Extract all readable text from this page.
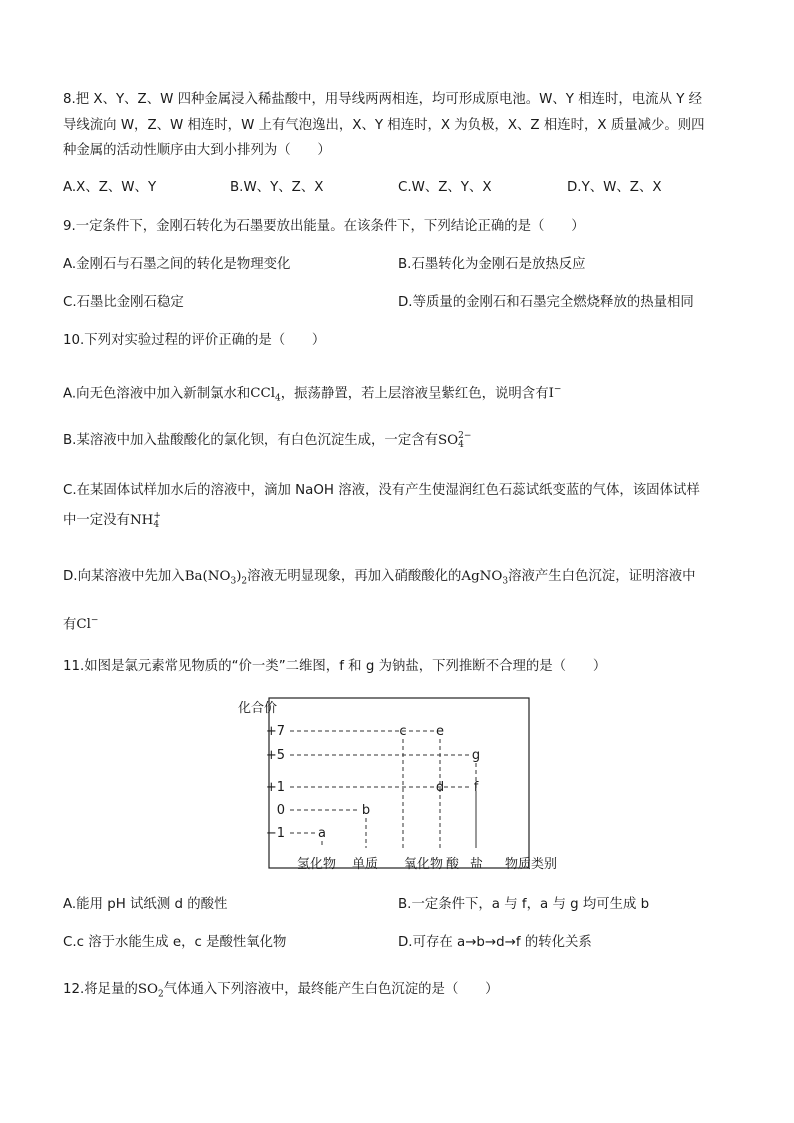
8.把 X、Y、Z、W 四种金属浸入稀盐酸中，用导线两两相连，均可形成原电池。W、Y 相连时，电流从 Y 经
导线流向 W，Z、W 相连时，W 上有气泡逸出，X、Y 相连时，X 为负极，X、Z 相连时，X 质量减少。则四
种金属的活动性顺序由大到小排列为（　　）
A.X、Z、W、Y	B.W、Y、Z、X	C.W、Z、Y、X	D.Y、W、Z、X
9.一定条件下，金刚石转化为石墨要放出能量。在该条件下，下列结论正确的是（　　）
A.金刚石与石墨之间的转化是物理变化	B.石墨转化为金刚石是放热反应
C.石墨比金刚石稳定	D.等质量的金刚石和石墨完全燃烧释放的热量相同
10.下列对实验过程的评价正确的是（　　）
A.向无色溶液中加入新制氯水和CCl$_4$，振荡静置，若上层溶液呈紫红色，说明含有I−
B.某溶液中加入盐酸酸化的氯化钡，有白色沉淀生成，一定含有SO 2−
4
C.在某固体试样加水后的溶液中，滴加 NaOH 溶液，没有产生使湿润红色石蕊试纸变蓝的气体，该固体试样
中一定没有NH +
4
D.向某溶液中先加入$Ba(NO_3)_2$溶液无明显现象，再加入硝酸酸化的AgNO$_3$溶液产生白色沉淀，证明溶液中
有Cl−
11.如图是氯元素常见物质的“价一类”二维图，f 和 g 为钠盐，下列推断不合理的是（　　）
化合价
+7
+5
+1
0
−1	a
b
c
d
e
f
g
氢化物 单质 氧化物 酸 盐 物质类别
A.能用 pH 试纸测 d 的酸性	B.一定条件下，a 与 f，a 与 g 均可生成 b
C.c 溶于水能生成 e，c 是酸性氧化物	D.可存在 a→b→d→f 的转化关系
12.将足量的$SO_2$气体通入下列溶液中，最终能产生白色沉淀的是（　　）
